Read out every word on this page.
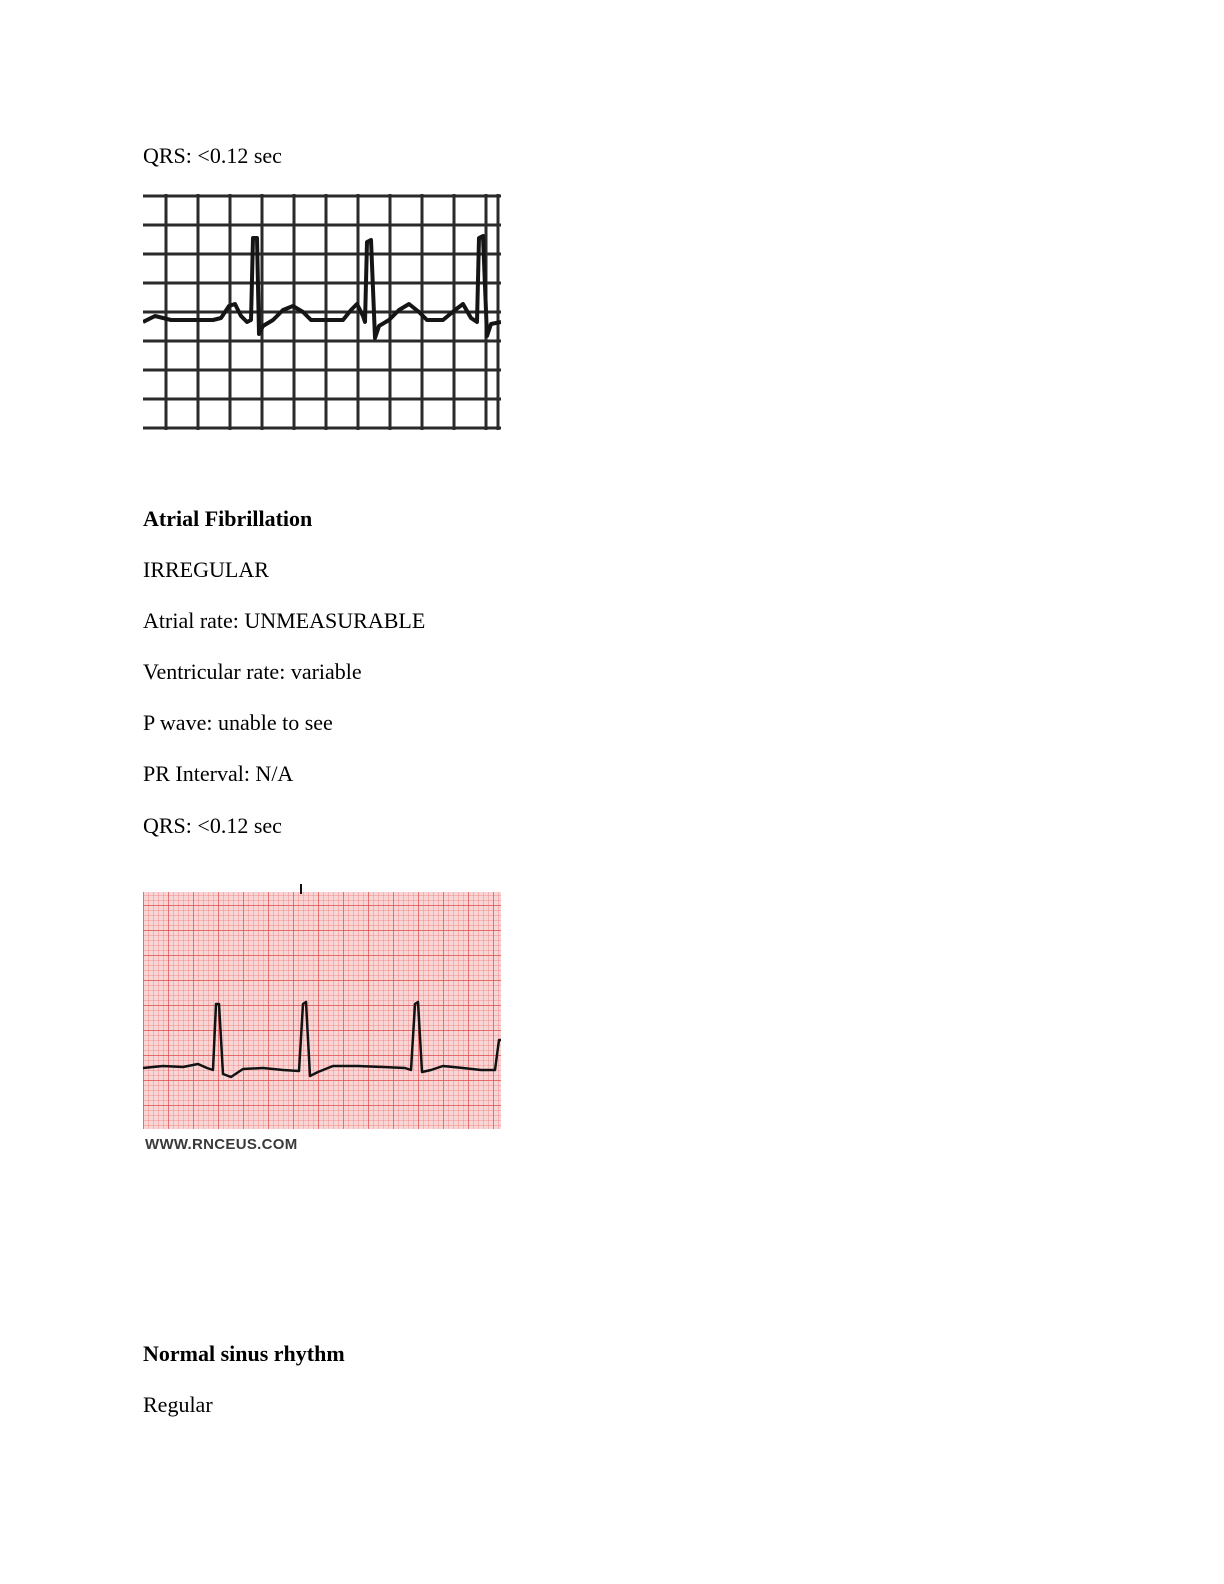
QRS: <0.12 sec

Atrial Fibrillation

IRREGULAR

Atrial rate: UNMEASURABLE

Ventricular rate: variable

P wave: unable to see

PR Interval: N/A

QRS: <0.12 sec

WWW.RNCEUS.COM

Normal sinus rhythm

Regular
